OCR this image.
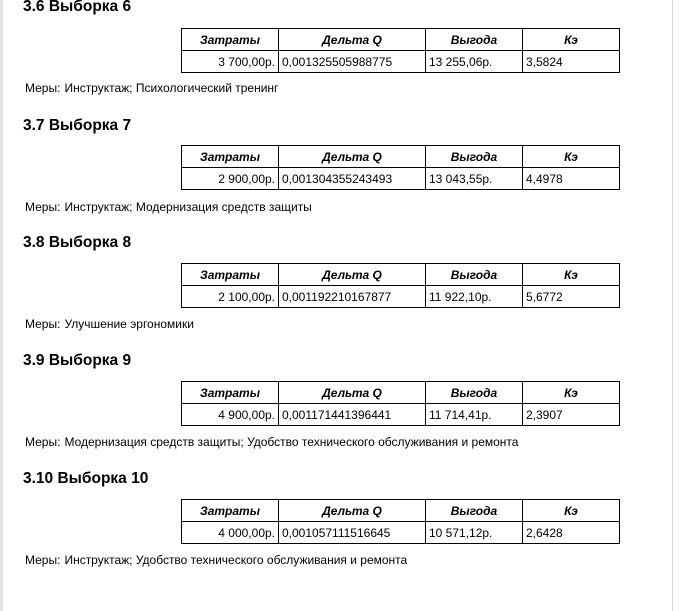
3.6 Выборка 6
Затраты	Дельта Q	Выгода	Кэ
3 700,00р.	0,001325505988775	13 255,06р.	3,5824
Меры: Инструктаж; Психологический тренинг
3.7 Выборка 7
Затраты	Дельта Q	Выгода	Кэ
2 900,00р.	0,001304355243493	13 043,55р.	4,4978
Меры: Инструктаж; Модернизация средств защиты
3.8 Выборка 8
Затраты	Дельта Q	Выгода	Кэ
2 100,00р.	0,001192210167877	11 922,10р.	5,6772
Меры: Улучшение эргономики
3.9 Выборка 9
Затраты	Дельта Q	Выгода	Кэ
4 900,00р.	0,001171441396441	11 714,41р.	2,3907
Меры: Модернизация средств защиты; Удобство технического обслуживания и ремонта
3.10 Выборка 10
Затраты	Дельта Q	Выгода	Кэ
4 000,00р.	0,001057111516645	10 571,12р.	2,6428
Меры: Инструктаж; Удобство технического обслуживания и ремонта
